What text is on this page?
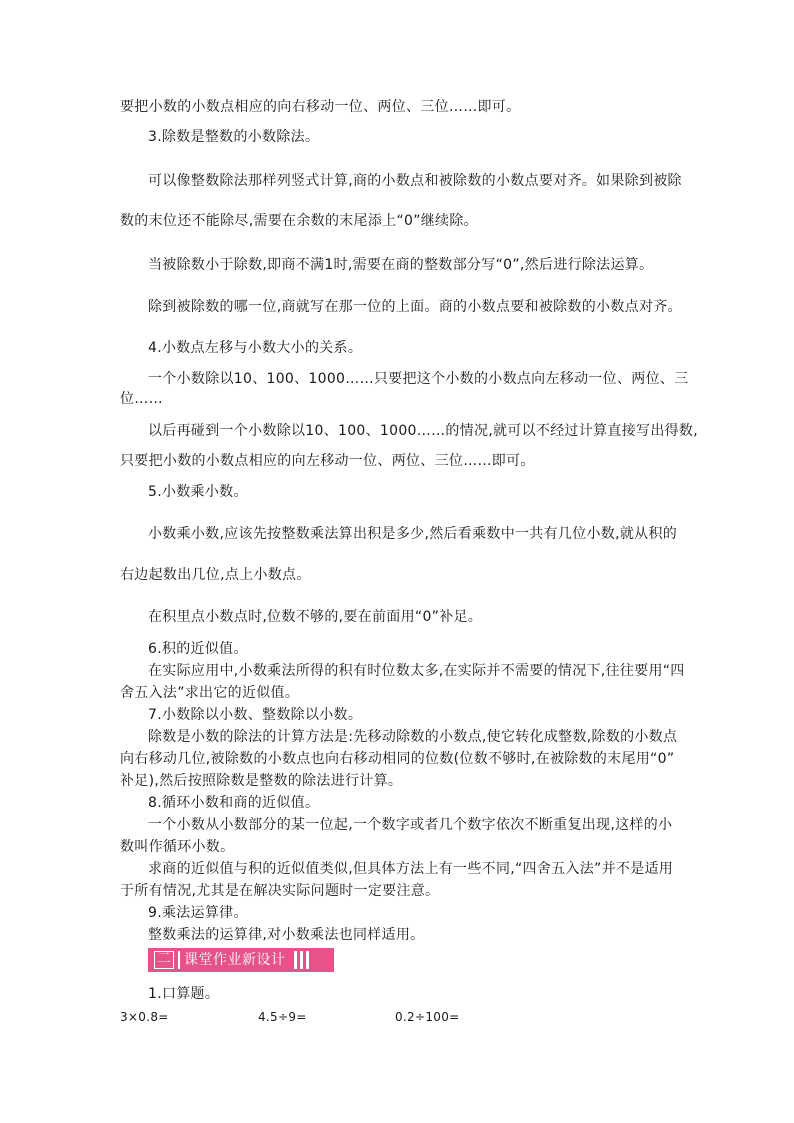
要把小数的小数点相应的向右移动一位、两位、三位……即可。
3.除数是整数的小数除法。
可以像整数除法那样列竖式计算,商的小数点和被除数的小数点要对齐。如果除到被除
数的末位还不能除尽,需要在余数的末尾添上“0”继续除。
当被除数小于除数,即商不满1时,需要在商的整数部分写“0”,然后进行除法运算。
除到被除数的哪一位,商就写在那一位的上面。商的小数点要和被除数的小数点对齐。
4.小数点左移与小数大小的关系。
一个小数除以10、100、1000……只要把这个小数的小数点向左移动一位、两位、三
位……
以后再碰到一个小数除以10、100、1000……的情况,就可以不经过计算直接写出得数,
只要把小数的小数点相应的向左移动一位、两位、三位……即可。
5.小数乘小数。
小数乘小数,应该先按整数乘法算出积是多少,然后看乘数中一共有几位小数,就从积的
右边起数出几位,点上小数点。
在积里点小数点时,位数不够的,要在前面用“0”补足。
6.积的近似值。
在实际应用中,小数乘法所得的积有时位数太多,在实际并不需要的情况下,往往要用“四
舍五入法”求出它的近似值。
7.小数除以小数、整数除以小数。
除数是小数的除法的计算方法是:先移动除数的小数点,使它转化成整数,除数的小数点
向右移动几位,被除数的小数点也向右移动相同的位数(位数不够时,在被除数的末尾用“0”
补足),然后按照除数是整数的除法进行计算。
8.循环小数和商的近似值。
一个小数从小数部分的某一位起,一个数字或者几个数字依次不断重复出现,这样的小
数叫作循环小数。
求商的近似值与积的近似值类似,但具体方法上有一些不同,“四舍五入法”并不是适用
于所有情况,尤其是在解决实际问题时一定要注意。
9.乘法运算律。
整数乘法的运算律,对小数乘法也同样适用。
二 课堂作业新设计
1.口算题。
3×0.8=	4.5÷9=	0.2÷100=
